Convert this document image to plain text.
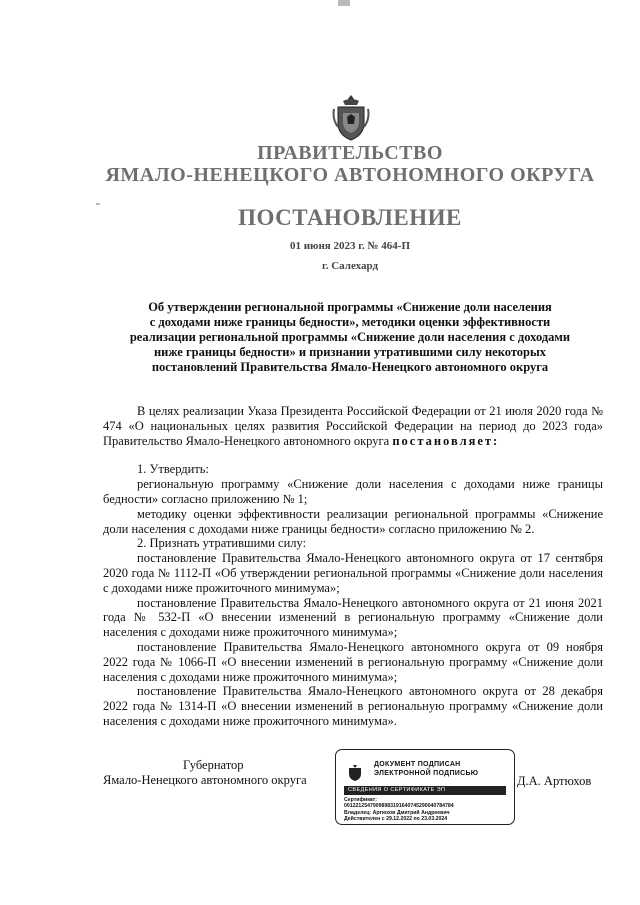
ПРАВИТЕЛЬСТВО
ЯМАЛО-НЕНЕЦКОГО АВТОНОМНОГО ОКРУГА
ПОСТАНОВЛЕНИЕ
01 июня 2023 г. № 464-П
г. Салехард
Об утверждении региональной программы «Снижение доли населения
с доходами ниже границы бедности», методики оценки эффективности
реализации региональной программы «Снижение доли населения с доходами
ниже границы бедности» и признании утратившими силу некоторых
постановлений Правительства Ямало-Ненецкого автономного округа

В целях реализации Указа Президента Российской Федерации от 21 июля 2020 года № 474 «О национальных целях развития Российской Федерации на период до 2023 года» Правительство Ямало-Ненецкого автономного округа постановляет:

1. Утвердить:

региональную программу «Снижение доли населения с доходами ниже границы бедности» согласно приложению № 1;

методику оценки эффективности реализации региональной программы «Снижение доли населения с доходами ниже границы бедности» согласно приложению № 2.

2. Признать утратившими силу:

постановление Правительства Ямало-Ненецкого автономного округа от 17 сентября 2020 года № 1112-П «Об утверждении региональной программы «Снижение доли населения с доходами ниже прожиточного минимума»;

постановление Правительства Ямало-Ненецкого автономного округа от 21 июня 2021 года № 532-П «О внесении изменений в региональную программу «Снижение доли населения с доходами ниже прожиточного минимума»;

постановление Правительства Ямало-Ненецкого автономного округа от 09 ноября 2022 года № 1066-П «О внесении изменений в региональную программу «Снижение доли населения с доходами ниже прожиточного минимума»;

постановление Правительства Ямало-Ненецкого автономного округа от 28 декабря 2022 года № 1314-П «О внесении изменений в региональную программу «Снижение доли населения с доходами ниже прожиточного минимума».

Губернатор
Ямало-Ненецкого автономного округа
ДОКУМЕНТ ПОДПИСАН
ЭЛЕКТРОННОЙ ПОДПИСЬЮ
СВЕДЕНИЯ О СЕРТИФИКАТЕ ЭП
Сертификат:
00122125479098983191640745290040784784
Владелец: Артюхов Дмитрий Андреевич
Действителен с 29.12.2022 по 23.03.2024
Д.А. Артюхов
